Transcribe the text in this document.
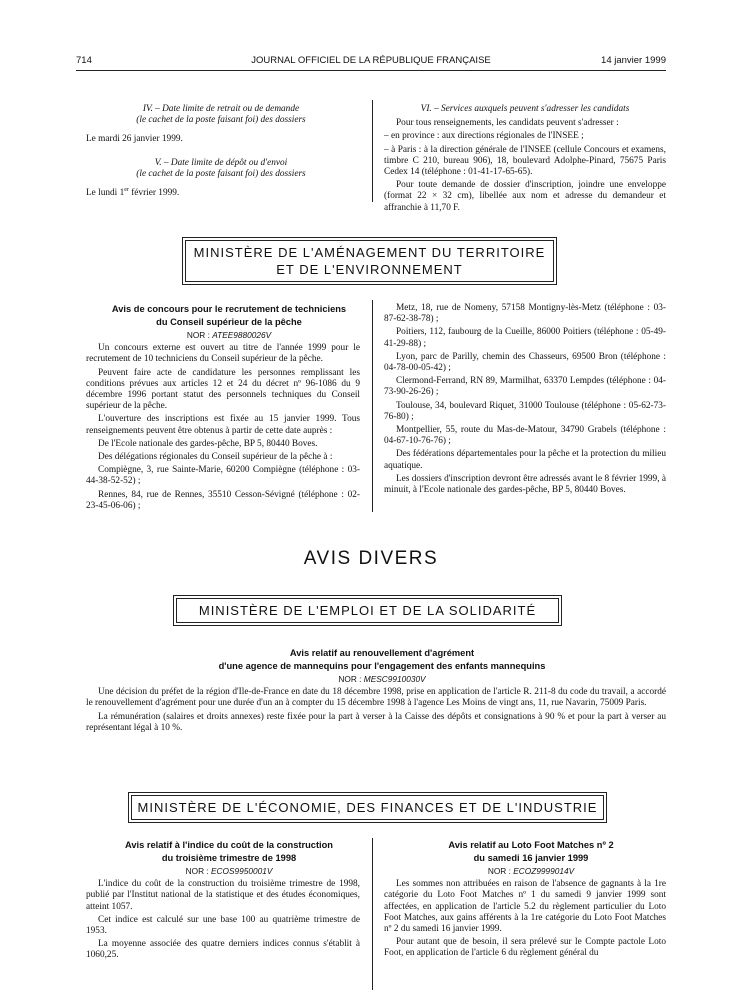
714	JOURNAL OFFICIEL DE LA RÉPUBLIQUE FRANÇAISE	14 janvier 1999

IV. – Date limite de retrait ou de demande

(le cachet de la poste faisant foi) des dossiers

Le mardi 26 janvier 1999.

V. – Date limite de dépôt ou d'envoi

(le cachet de la poste faisant foi) des dossiers

Le lundi 1er février 1999.

VI. – Services auxquels peuvent s'adresser les candidats

Pour tous renseignements, les candidats peuvent s'adresser :

– en province : aux directions régionales de l'INSEE ;

– à Paris : à la direction générale de l'INSEE (cellule Concours et examens, timbre C 210, bureau 906), 18, boulevard Adolphe-Pinard, 75675 Paris Cedex 14 (téléphone : 01-41-17-65-65).

Pour toute demande de dossier d'inscription, joindre une enveloppe (format 22 × 32 cm), libellée aux nom et adresse du demandeur et affranchie à 11,70 F.

MINISTÈRE DE L'AMÉNAGEMENT DU TERRITOIRE
ET DE L'ENVIRONNEMENT

Avis de concours pour le recrutement de techniciens

du Conseil supérieur de la pêche

NOR : ATEE9880026V

Un concours externe est ouvert au titre de l'année 1999 pour le recrutement de 10 techniciens du Conseil supérieur de la pêche.

Peuvent faire acte de candidature les personnes remplissant les conditions prévues aux articles 12 et 24 du décret nº 96-1086 du 9 décembre 1996 portant statut des personnels techniques du Conseil supérieur de la pêche.

L'ouverture des inscriptions est fixée au 15 janvier 1999. Tous renseignements peuvent être obtenus à partir de cette date auprès :

De l'Ecole nationale des gardes-pêche, BP 5, 80440 Boves.

Des délégations régionales du Conseil supérieur de la pêche à :

Compiègne, 3, rue Sainte-Marie, 60200 Compiègne (téléphone : 03-44-38-52-52) ;

Rennes, 84, rue de Rennes, 35510 Cesson-Sévigné (téléphone : 02-23-45-06-06) ;

Metz, 18, rue de Nomeny, 57158 Montigny-lès-Metz (téléphone : 03-87-62-38-78) ;

Poitiers, 112, faubourg de la Cueille, 86000 Poitiers (téléphone : 05-49-41-29-88) ;

Lyon, parc de Parilly, chemin des Chasseurs, 69500 Bron (téléphone : 04-78-00-05-42) ;

Clermond-Ferrand, RN 89, Marmilhat, 63370 Lempdes (téléphone : 04-73-90-26-26) ;

Toulouse, 34, boulevard Riquet, 31000 Toulouse (téléphone : 05-62-73-76-80) ;

Montpellier, 55, route du Mas-de-Matour, 34790 Grabels (téléphone : 04-67-10-76-76) ;

Des fédérations départementales pour la pêche et la protection du milieu aquatique.

Les dossiers d'inscription devront être adressés avant le 8 février 1999, à minuit, à l'Ecole nationale des gardes-pêche, BP 5, 80440 Boves.

AVIS DIVERS
MINISTÈRE DE L'EMPLOI ET DE LA SOLIDARITÉ

Avis relatif au renouvellement d'agrément

d'une agence de mannequins pour l'engagement des enfants mannequins

NOR : MESC9910030V

Une décision du préfet de la région d'Ile-de-France en date du 18 décembre 1998, prise en application de l'article R. 211-8 du code du travail, a accordé le renouvellement d'agrément pour une durée d'un an à compter du 15 décembre 1998 à l'agence Les Moins de vingt ans, 11, rue Navarin, 75009 Paris.

La rémunération (salaires et droits annexes) reste fixée pour la part à verser à la Caisse des dépôts et consignations à 90 % et pour la part à verser au représentant légal à 10 %.

MINISTÈRE DE L'ÉCONOMIE, DES FINANCES ET DE L'INDUSTRIE

Avis relatif à l'indice du coût de la construction

du troisième trimestre de 1998

NOR : ECOS9950001V

L'indice du coût de la construction du troisième trimestre de 1998, publié par l'Institut national de la statistique et des études économiques, atteint 1057.

Cet indice est calculé sur une base 100 au quatrième trimestre de 1953.

La moyenne associée des quatre derniers indices connus s'établit à 1060,25.

Avis relatif au Loto Foot Matches nº 2

du samedi 16 janvier 1999

NOR : ECOZ9999014V

Les sommes non attribuées en raison de l'absence de gagnants à la 1re catégorie du Loto Foot Matches nº 1 du samedi 9 janvier 1999 sont affectées, en application de l'article 5.2 du règlement particulier du Loto Foot Matches, aux gains afférents à la 1re catégorie du Loto Foot Matches nº 2 du samedi 16 janvier 1999.

Pour autant que de besoin, il sera prélevé sur le Compte pactole Loto Foot, en application de l'article 6 du règlement général du
